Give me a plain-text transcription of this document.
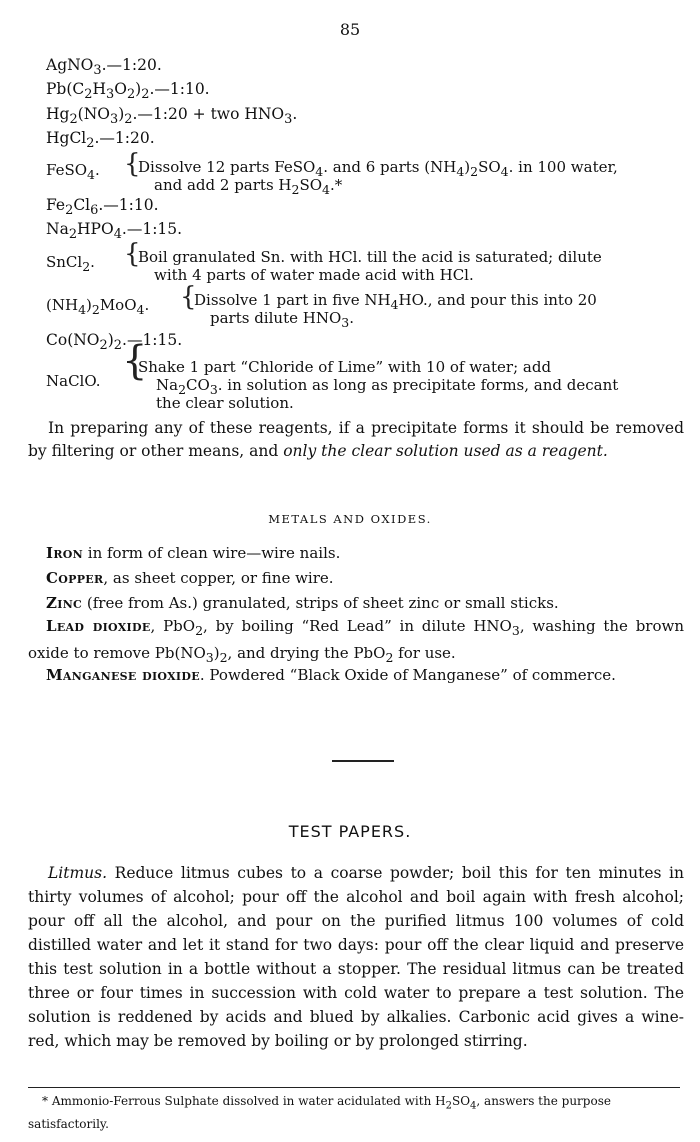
85
AgNO$_3$.—1:20.
$Pb(C_2H_3O_2)_2.—1:10$.
$Hg_2(NO_3)_2.—1:20$ + two $HNO_3$.
HgCl$_2$.—1:20.
FeSO$_4$. {
Dissolve 12 parts FeSO$_4$. and 6 parts $(NH_4)_2SO_4$. in 100 water,
and add 2 parts $H_2SO_4.*$
$Fe_2Cl_6.—1:10$.
$Na_2HPO_4.—1:15$.
SnCl$_2$. {
Boil granulated Sn. with HCl. till the acid is saturated; dilute
with 4 parts of water made acid with HCl.
$(NH_4)_2MoO_4$. {
Dissolve 1 part in five $NH_4HO$., and pour this into 20
parts dilute $HNO_3$.
$Co(NO_2)_2.—1:15$.
NaClO. {
Shake 1 part “Chloride of Lime” with 10 of water; add
$Na_2CO_3$. in solution as long as precipitate forms, and decant
the clear solution.
In preparing any of these reagents, if a precipitate forms it should be removed by filtering or other means, and only the clear solution used as a reagent.
METALS AND OXIDES.
Iron in form of clean wire—wire nails.
Copper, as sheet copper, or fine wire.
Zinc (free from As.) granulated, strips of sheet zinc or small sticks.
Lead dioxide, PbO$_2$, by boiling “Red Lead” in dilute $HNO_3$, washing the brown oxide to remove $Pb(NO_3)_2$, and drying the PbO$_2$ for use.
Manganese dioxide. Powdered “Black Oxide of Manganese” of commerce.
TEST PAPERS.
Litmus. Reduce litmus cubes to a coarse powder; boil this for ten minutes in thirty volumes of alcohol; pour off the alcohol and boil again with fresh alcohol; pour off all the alcohol, and pour on the purified litmus 100 volumes of cold distilled water and let it stand for two days: pour off the clear liquid and preserve this test solution in a bottle without a stopper. The residual litmus can be treated three or four times in succession with cold water to prepare a test solution. The solution is reddened by acids and blued by alkalies. Carbonic acid gives a wine-red, which may be removed by boiling or by prolonged stirring.
* Ammonio-Ferrous Sulphate dissolved in water acidulated with $H_2SO_4$, answers the purpose satisfactorily.
